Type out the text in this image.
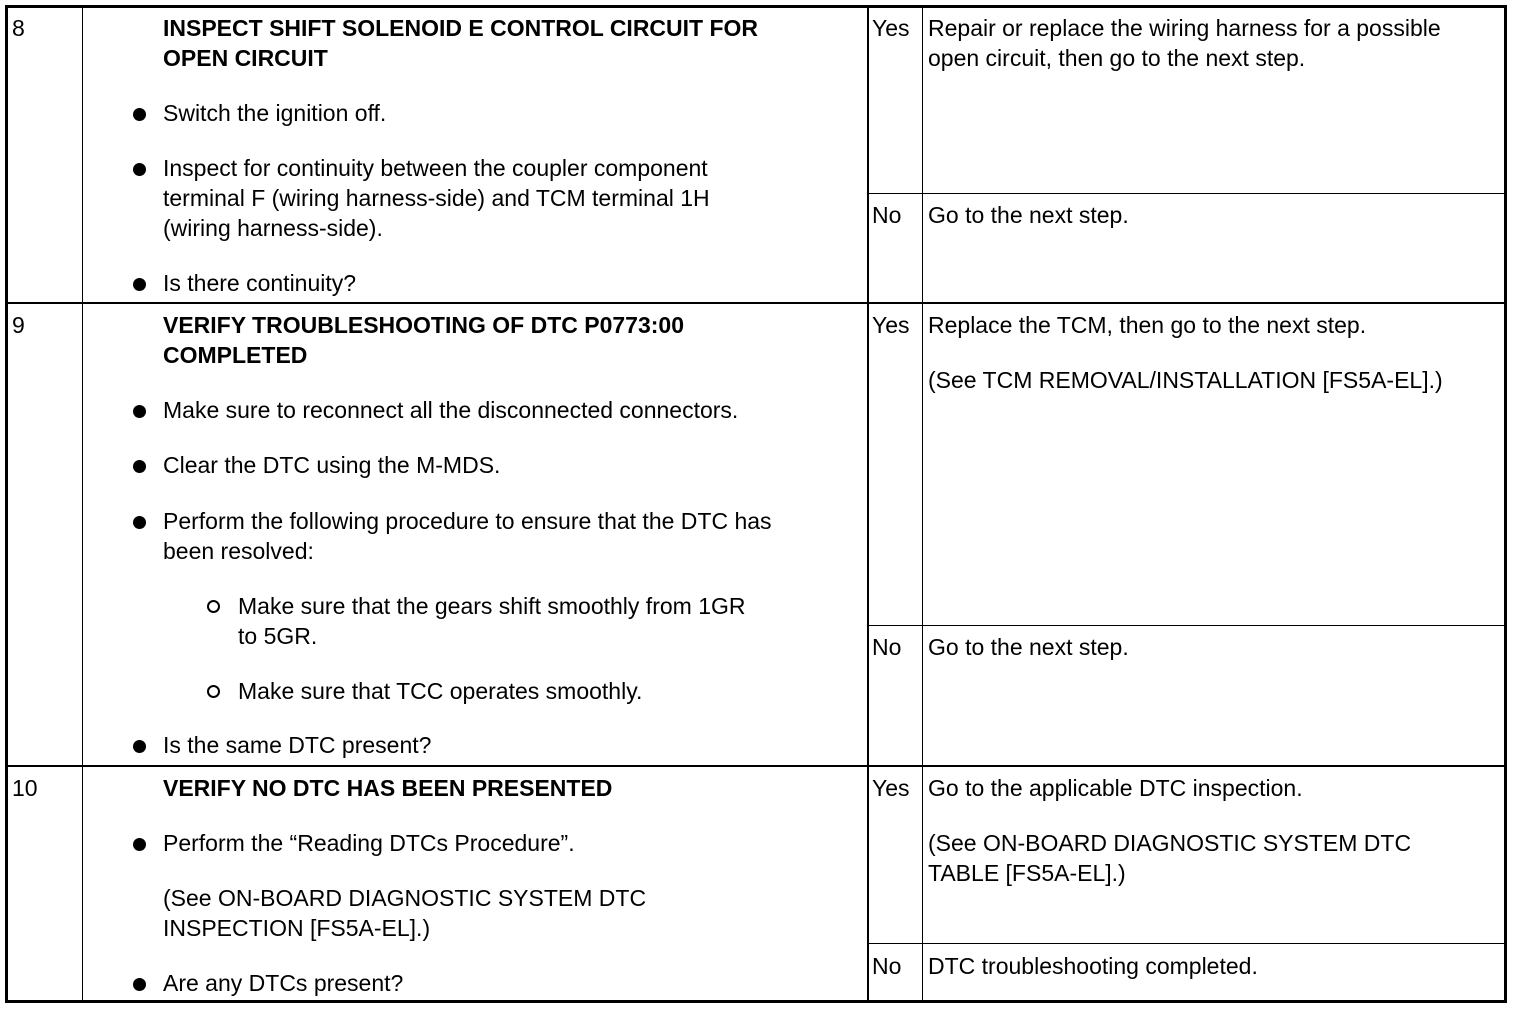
8	INSPECT SHIFT SOLENOID E CONTROL CIRCUIT FOR
OPEN CIRCUIT
Switch the ignition off.
Inspect for continuity between the coupler component
terminal F (wiring harness-side) and TCM terminal 1H
(wiring harness-side).
Is there continuity?
Yes Repair or replace the wiring harness for a possible
open circuit, then go to the next step.
No Go to the next step.
9	VERIFY TROUBLESHOOTING OF DTC P0773:00
COMPLETED
Make sure to reconnect all the disconnected connectors.
Clear the DTC using the M-MDS.
Perform the following procedure to ensure that the DTC has
been resolved:
Make sure that the gears shift smoothly from 1GR
to 5GR.
Make sure that TCC operates smoothly.
Is the same DTC present?
Yes Replace the TCM, then go to the next step.
(See TCM REMOVAL/INSTALLATION [FS5A-EL].)
No Go to the next step.
10	VERIFY NO DTC HAS BEEN PRESENTED
Perform the “Reading DTCs Procedure”.
(See ON-BOARD DIAGNOSTIC SYSTEM DTC
INSPECTION [FS5A-EL].)
Are any DTCs present?
Yes Go to the applicable DTC inspection.
(See ON-BOARD DIAGNOSTIC SYSTEM DTC
TABLE [FS5A-EL].)
No DTC troubleshooting completed.
